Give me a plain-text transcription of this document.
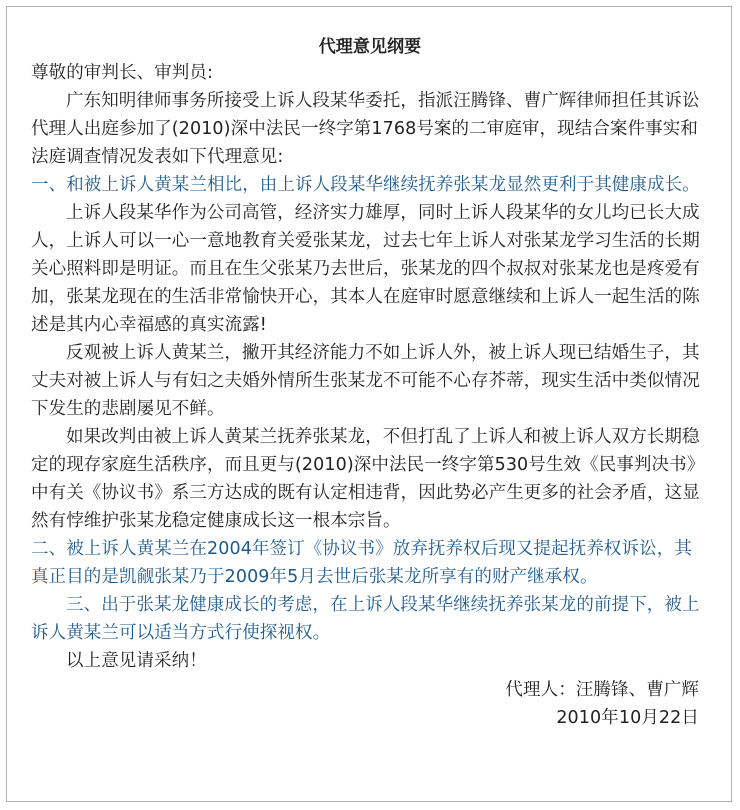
代理意见纲要

尊敬的审判长、审判员:

广东知明律师事务所接受上诉人段某华委托，指派汪腾锋、曹广辉律师担任其诉讼代理人出庭参加了(2010)深中法民一终字第1768号案的二审庭审，现结合案件事实和法庭调查情况发表如下代理意见:

一、和被上诉人黄某兰相比，由上诉人段某华继续抚养张某龙显然更利于其健康成长。

上诉人段某华作为公司高管，经济实力雄厚，同时上诉人段某华的女儿均已长大成人，上诉人可以一心一意地教育关爱张某龙，过去七年上诉人对张某龙学习生活的长期关心照料即是明证。而且在生父张某乃去世后，张某龙的四个叔叔对张某龙也是疼爱有加，张某龙现在的生活非常愉快开心，其本人在庭审时愿意继续和上诉人一起生活的陈述是其内心幸福感的真实流露!

反观被上诉人黄某兰，撇开其经济能力不如上诉人外，被上诉人现已结婚生子，其丈夫对被上诉人与有妇之夫婚外情所生张某龙不可能不心存芥蒂，现实生活中类似情况下发生的悲剧屡见不鲜。

如果改判由被上诉人黄某兰抚养张某龙，不但打乱了上诉人和被上诉人双方长期稳定的现存家庭生活秩序，而且更与(2010)深中法民一终字第530号生效《民事判决书》中有关《协议书》系三方达成的既有认定相违背，因此势必产生更多的社会矛盾，这显然有悖维护张某龙稳定健康成长这一根本宗旨。

二、被上诉人黄某兰在2004年签订《协议书》放弃抚养权后现又提起抚养权诉讼，其真正目的是凯觎张某乃于2009年5月去世后张某龙所享有的财产继承权。

三、出于张某龙健康成长的考虑，在上诉人段某华继续抚养张某龙的前提下，被上诉人黄某兰可以适当方式行使探视权。

以上意见请采纳！

代理人：汪腾锋、曹广辉

2010年10月22日
